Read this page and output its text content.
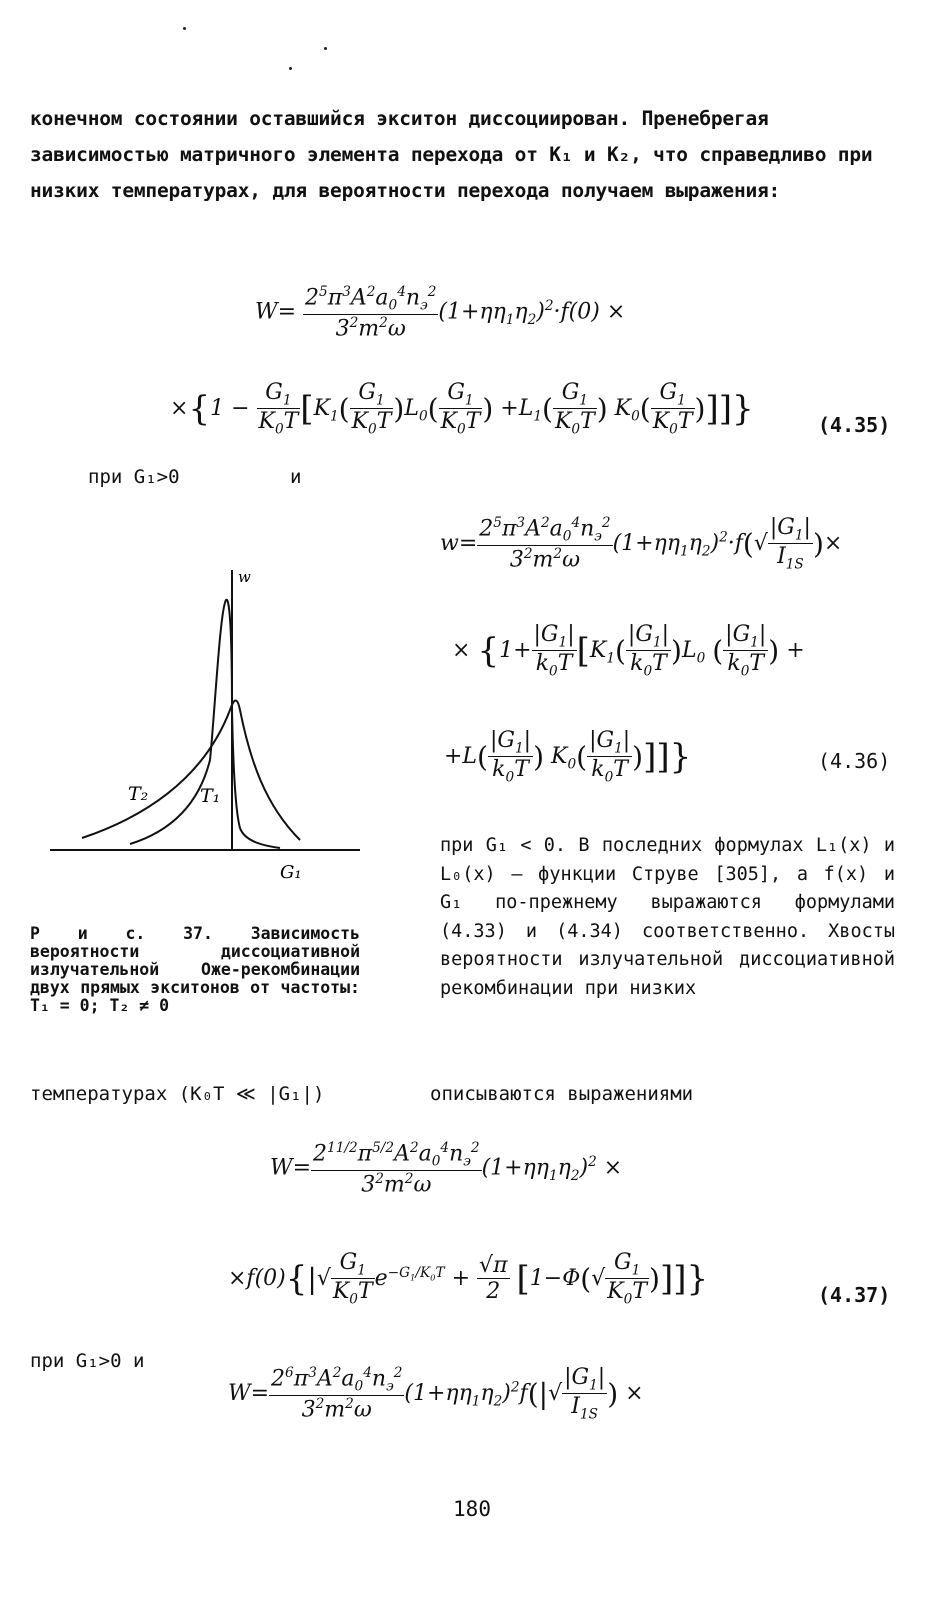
конечном состоянии оставшийся экситон диссоциирован. Пренебрегая зависимостью матричного элемента перехода от K₁ и K₂, что справедливо при низких температурах, для вероятности перехода получаем выражения:
$W= \frac{2^5\pi^3A^2a_0^4n_э^2}{3^2m^2\omega} (1+\eta\eta_1\eta_2)^2\cdot f(0)$ ×
$\times\{1 - \frac{G_1}{K_0T} [K_1( \frac{G_1}{K_0T} )L_0( \frac{G_1}{K_0T}$ ) $+L_1( \frac{G_1}{K_0T}$ ) $K_0( \frac{G_1}{K_0T}$ )]]}	(4.35)
при G₁>0	и
$w= \frac{2^5\pi^3A^2a_0^4n_э^2}{3^2m^2\omega} (1+\eta\eta_1\eta_2)^2\cdot f(√ \frac{|G_1|}{I_{1S}}$ )×
× {$1+ \frac{|G_1|}{k_0T} [K_1( \frac{|G_1|}{k_0T} )L_0$ ( $\frac{|G_1|}{k_0T}$ ) +
$+L( \frac{|G_1|}{k_0T}$ ) $K_0( \frac{|G_1|}{k_0T}$ )]]}	(4.36)
w
G₁
T₁
T₂
Р и с. 37. Зависимость вероятности диссоциативной излучательной Оже-рекомбинации двух прямых экситонов от частоты: T₁ = 0; T₂ ≠ 0
при G₁ < 0. В последних формулах L₁(x) и L₀(x) – функции Струве [305], а f(x) и G₁ по-прежнему выражаются формулами (4.33) и (4.34) соответственно. Хвосты вероятности излучательной диссоциативной рекомбинации при низких
температурах (K₀T ≪ |G₁|)	описываются выражениями
$W= \frac{2^{11/2}\pi^{5/2}A^2a_0^4n_э^2}{3^2m^2\omega} (1+\eta\eta_1\eta_2)^2$ ×
$\times f(0)\{|√ \frac{G_1}{K_0T} e^{-G_1/K_0T} + \frac{√\pi}{2} [1-\Phi(√ \frac{G_1}{K_0T}$ )]]}	(4.37)
при G₁>0 и
$W= \frac{2^6\pi^3A^2a_0^4n_э^2}{3^2m^2\omega} (1+\eta\eta_1\eta_2)^2f(|√ \frac{|G_1|}{I_{1S}}$ ) ×
180
